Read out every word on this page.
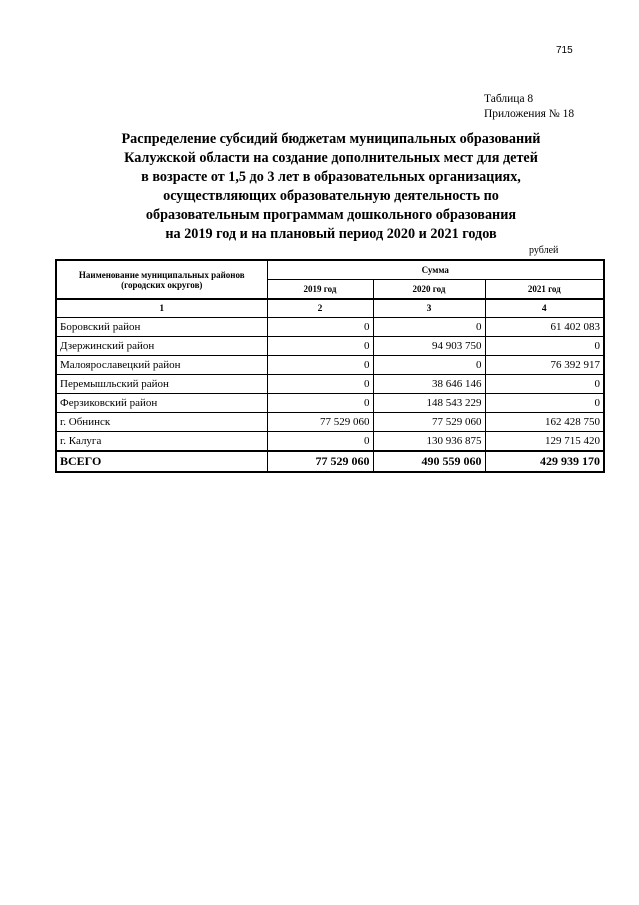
715
Таблица 8
Приложения № 18
Распределение субсидий бюджетам муниципальных образований
Калужской области на создание дополнительных мест для детей
в возрасте от 1,5 до 3 лет в образовательных организациях,
осуществляющих образовательную деятельность по
образовательным программам дошкольного образования
на 2019 год и на плановый период 2020 и 2021 годов
рублей
Наименование муниципальных районов (городских округов)	Сумма		
	2019 год	2020 год	2021 год
1	2	3	4
Боровский район	0	0	61 402 083
Дзержинский район	0	94 903 750	0
Малоярославецкий район	0	0	76 392 917
Перемышльский район	0	38 646 146	0
Ферзиковский район	0	148 543 229	0
г. Обнинск	77 529 060	77 529 060	162 428 750
г. Калуга	0	130 936 875	129 715 420
ВСЕГО	77 529 060	490 559 060	429 939 170
